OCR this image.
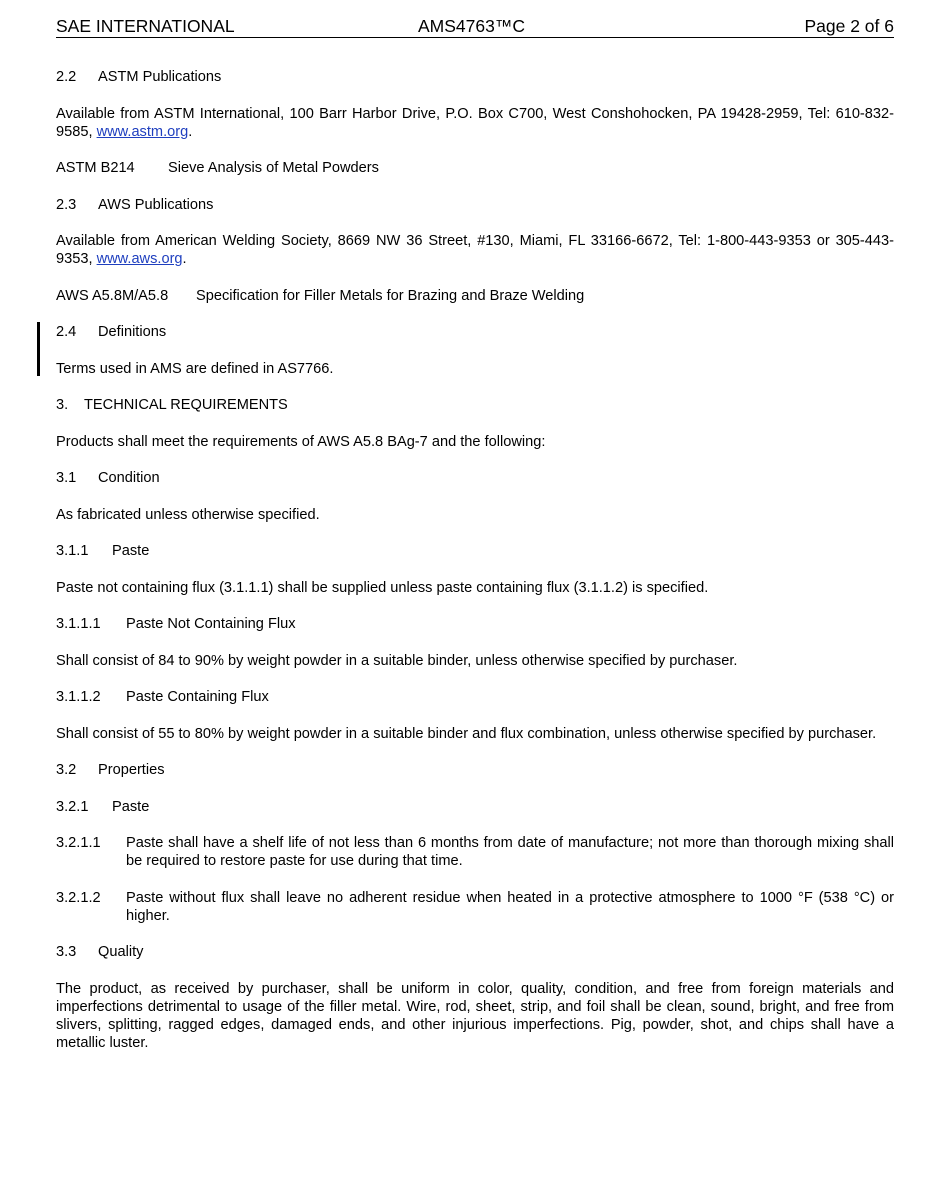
SAE INTERNATIONAL	AMS4763™C	Page 2 of 6

2.2	ASTM Publications

Available from ASTM International, 100 Barr Harbor Drive, P.O. Box C700, West Conshohocken, PA 19428-2959, Tel: 610-832-9585, www.astm.org.

ASTM B214	Sieve Analysis of Metal Powders

2.3	AWS Publications

Available from American Welding Society, 8669 NW 36 Street, #130, Miami, FL 33166-6672, Tel: 1-800-443-9353 or 305-443-9353, www.aws.org.

AWS A5.8M/A5.8	Specification for Filler Metals for Brazing and Braze Welding

2.4	Definitions

Terms used in AMS are defined in AS7766.

3.	TECHNICAL REQUIREMENTS

Products shall meet the requirements of AWS A5.8 BAg-7 and the following:

3.1	Condition

As fabricated unless otherwise specified.

3.1.1	Paste

Paste not containing flux (3.1.1.1) shall be supplied unless paste containing flux (3.1.1.2) is specified.

3.1.1.1	Paste Not Containing Flux

Shall consist of 84 to 90% by weight powder in a suitable binder, unless otherwise specified by purchaser.

3.1.1.2	Paste Containing Flux

Shall consist of 55 to 80% by weight powder in a suitable binder and flux combination, unless otherwise specified by purchaser.

3.2	Properties

3.2.1	Paste

3.2.1.1	Paste shall have a shelf life of not less than 6 months from date of manufacture; not more than thorough mixing shall be required to restore paste for use during that time.

3.2.1.2	Paste without flux shall leave no adherent residue when heated in a protective atmosphere to 1000 °F (538 °C) or higher.

3.3	Quality

The product, as received by purchaser, shall be uniform in color, quality, condition, and free from foreign materials and imperfections detrimental to usage of the filler metal. Wire, rod, sheet, strip, and foil shall be clean, sound, bright, and free from slivers, splitting, ragged edges, damaged ends, and other injurious imperfections. Pig, powder, shot, and chips shall have a metallic luster.
